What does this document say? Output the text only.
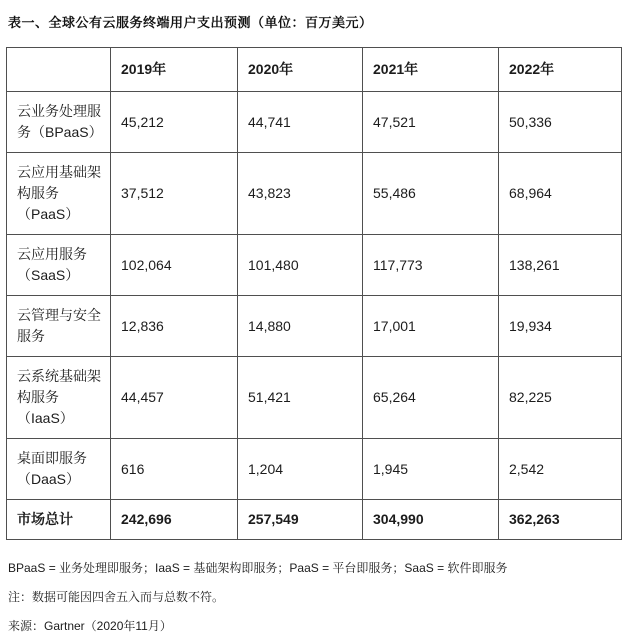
表一、全球公有云服务终端用户支出预测（单位：百万美元）
	2019年	2020年	2021年	2022年
云业务处理服务（BPaaS）	45,212	44,741	47,521	50,336
云应用基础架构服务（PaaS）	37,512	43,823	55,486	68,964
云应用服务（SaaS）	102,064	101,480	117,773	138,261
云管理与安全服务	12,836	14,880	17,001	19,934
云系统基础架构服务（IaaS）	44,457	51,421	65,264	82,225
桌面即服务（DaaS）	616	1,204	1,945	2,542
市场总计	242,696	257,549	304,990	362,263

BPaaS = 业务处理即服务；IaaS = 基础架构即服务；PaaS = 平台即服务；SaaS = 软件即服务

注：数据可能因四舍五入而与总数不符。

来源：Gartner（2020年11月）
